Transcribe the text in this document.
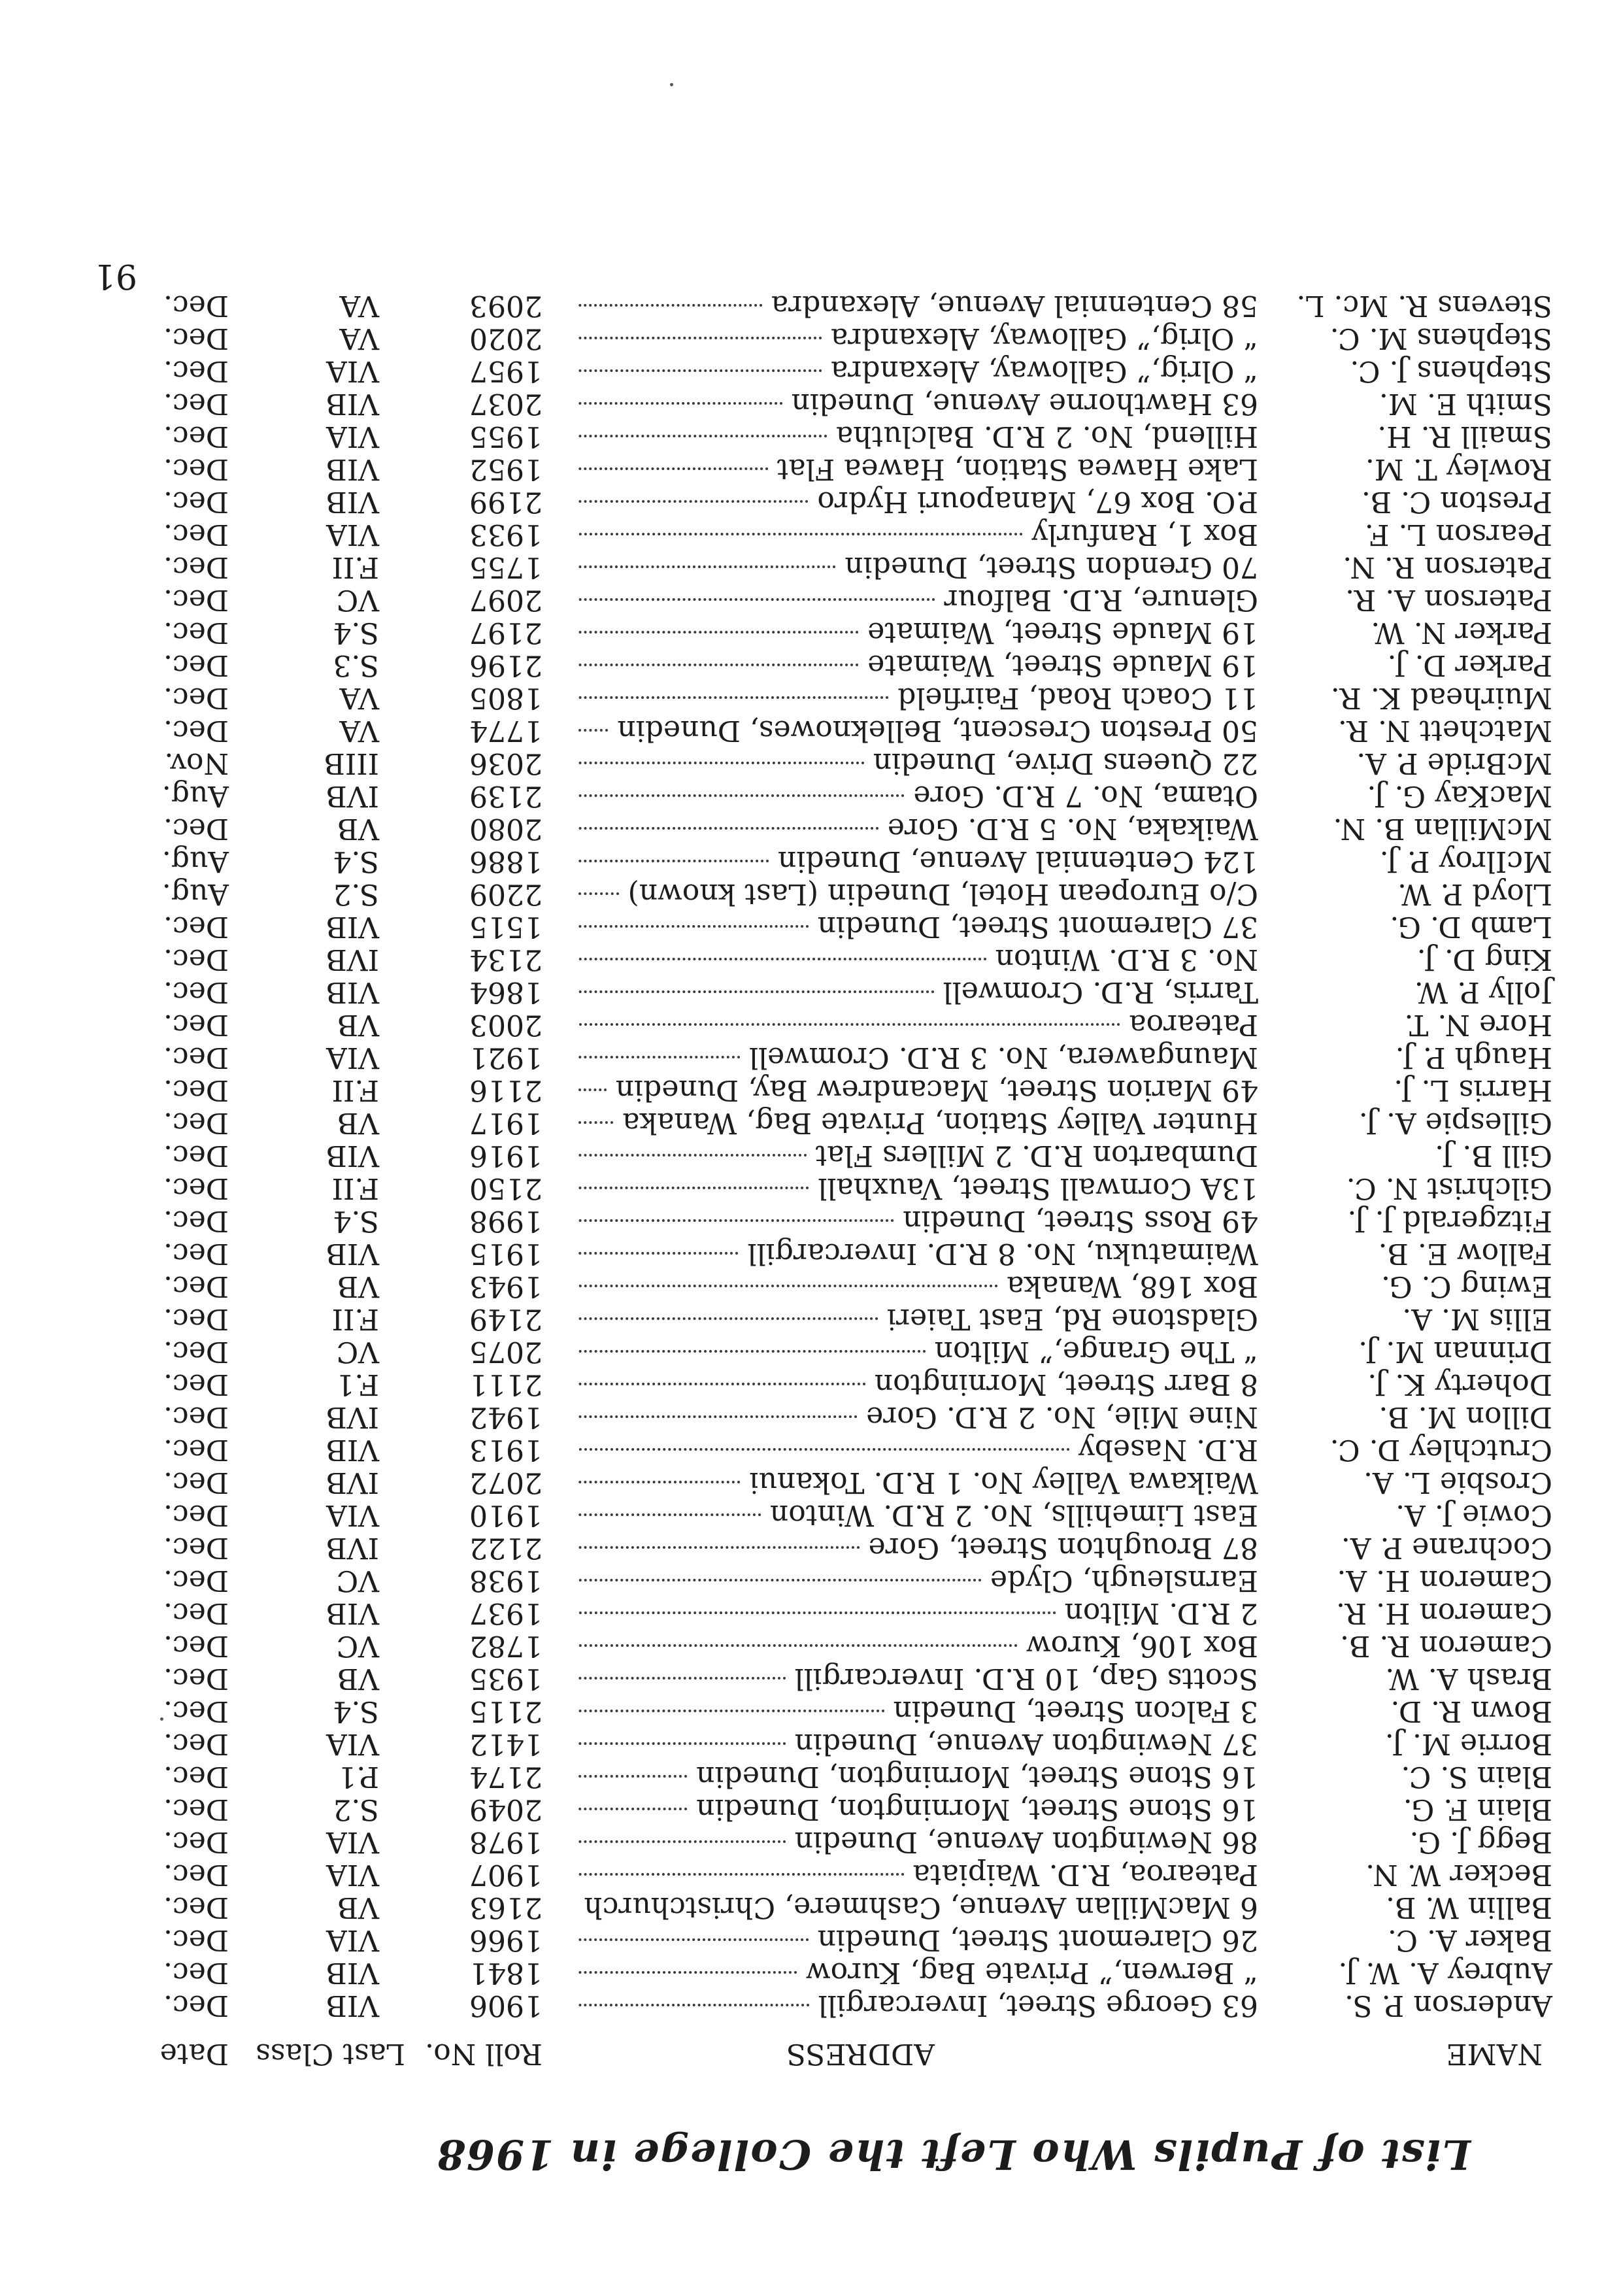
List of Pupils Who Left the College in 1968
NAME
ADDRESS
Roll No.
Last Class
Date
Anderson P. S.
63 George Street, Invercargill
1906
VIB
Dec.
Aubrey A. W. J.
“ Berwen,” Private Bag, Kurow
1841
VIB
Dec.
Baker A. C.
26 Claremont Street, Dunedin
1966
VIA
Dec.
Ballin W. B.
6 MacMillan Avenue, Cashmere, Christchurch
2163
VB
Dec.
Becker W. N.
Patearoa, R.D. Waipiata
1907
VIA
Dec.
Begg J. G.
86 Newington Avenue, Dunedin
1978
VIA
Dec.
Blain F. G.
16 Stone Street, Mornington, Dunedin
2049
S.2
Dec.
Blain S. C.
16 Stone Street, Mornington, Dunedin
2174
P.1
Dec.
Borrie M. J.
37 Newington Avenue, Dunedin
1412
VIA
Dec.
Bown R. D.
3 Falcon Street, Dunedin
2115
S.4
Dec.
Brash A. W.
Scotts Gap, 10 R.D. Invercargill
1935
VB
Dec.
Cameron R. B.
Box 106, Kurow
1782
VC
Dec.
Cameron H. R.
2 R.D. Milton
1937
VIB
Dec.
Cameron H. A.
Earnsleugh, Clyde
1938
VC
Dec.
Cochrane P. A.
87 Broughton Street, Gore
2122
IVB
Dec.
Cowie J. A.
East Limehills, No. 2 R.D. Winton
1910
VIA
Dec.
Crosbie L. A.
Waikawa Valley No. 1 R.D. Tokanui
2072
IVB
Dec.
Crutchley D. C.
R.D. Naseby
1913
VIB
Dec.
Dillon M. B.
Nine Mile, No. 2 R.D. Gore
1942
IVB
Dec.
Doherty K. J.
8 Barr Street, Mornington
2111
F.1
Dec.
Drinnan M. J.
“ The Grange,” Milton
2075
VC
Dec.
Ellis M. A.
Gladstone Rd, East Taieri
2149
F.II
Dec.
Ewing C. G.
Box 168, Wanaka
1943
VB
Dec.
Fallow E. B.
Waimatuku, No. 8 R.D. Invercargill
1915
VIB
Dec.
Fitzgerald J. J.
49 Ross Street, Dunedin
1998
S.4
Dec.
Gilchrist N. C.
13A Cornwall Street, Vauxhall
2150
F.II
Dec.
Gill B. J.
Dumbarton R.D. 2 Millers Flat
1916
VIB
Dec.
Gillespie A. J.
Hunter Valley Station, Private Bag, Wanaka
1917
VB
Dec.
Harris L. J.
49 Marion Street, Macandrew Bay, Dunedin
2116
F.II
Dec.
Haugh P. J.
Maungawera, No. 3 R.D. Cromwell
1921
VIA
Dec.
Hore N. T.
Patearoa
2003
VB
Dec.
Jolly P. W.
Tarris, R.D. Cromwell
1864
VIB
Dec.
King D. J.
No. 3 R.D. Winton
2134
IVB
Dec.
Lamb D. G.
37 Claremont Street, Dunedin
1515
VIB
Dec.
Lloyd P. W.
C/o European Hotel, Dunedin (Last known)
2209
S.2
Aug.
McIlroy P. J.
124 Centennial Avenue, Dunedin
1886
S.4
Aug.
McMillan B. N.
Waikaka, No. 5 R.D. Gore
2080
VB
Dec.
MacKay G. J.
Otama, No. 7 R.D. Gore
2139
IVB
Aug.
McBride P. A.
22 Queens Drive, Dunedin
2036
IIIB
Nov.
Matchett N. R.
50 Preston Crescent, Belleknowes, Dunedin
1774
VA
Dec.
Muirhead K. R.
11 Coach Road, Fairfield
1805
VA
Dec.
Parker D. J.
19 Maude Street, Waimate
2196
S.3
Dec.
Parker N. W.
19 Maude Street, Waimate
2197
S.4
Dec.
Paterson A. R.
Glenure, R.D. Balfour
2097
VC
Dec.
Paterson R. N.
70 Grendon Street, Dunedin
1755
F.II
Dec.
Pearson L. F.
Box 1, Ranfurly
1933
VIA
Dec.
Preston C. B.
P.O. Box 67, Manapouri Hydro
2199
VIB
Dec.
Rowley T. M.
Lake Hawea Station, Hawea Flat
1952
VIB
Dec.
Smaill R. H.
Hillend, No. 2 R.D. Balclutha
1955
VIA
Dec.
Smith E. M.
63 Hawthorne Avenue, Dunedin
2037
VIB
Dec.
Stephens J. C.
“ Olrig,” Galloway, Alexandra
1957
VIA
Dec.
Stephens M. C.
“ Olrig,” Galloway, Alexandra
2020
VA
Dec.
Stevens R. Mc. L.
58 Centennial Avenue, Alexandra
2093
VA
Dec.
91
